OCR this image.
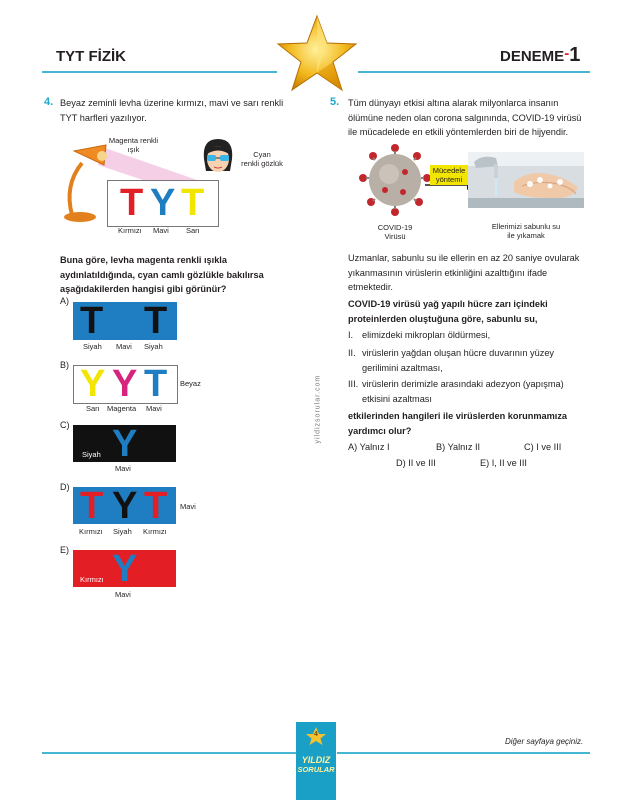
TYT FİZİK	DENEME-1
4. Beyaz zeminli levha üzerine kırmızı, mavi ve sarı renkli
TYT harfleri yazılıyor.
Magenta renkli
ışık
Cyan
renkli gözlük
T Y T
Kırmızı Mavi Sarı
Buna göre, levha magenta renkli ışıkla
aydınlatıldığında, cyan camlı gözlükle bakılırsa
aşağıdakilerden hangisi gibi görünür?
A) T T
Siyah Mavi Siyah
B) Y Y T
Sarı Magenta Mavi
Beyaz
C) Y
Siyah
Mavi
D) T Y T
Kırmızı Siyah Kırmızı
Mavi
E) Y
Kırmızı
Mavi
yildizsorular.com
5. Tüm dünyayı etkisi altına alarak milyonlarca insanın
ölümüne neden olan corona salgınında, COVID-19 virüsü
ile mücadelede en etkili yöntemlerden biri de hijyendir.
Mücedele
yöntemi
COVID-19
Virüsü
Ellerimizi sabunlu su
ile yıkamak
Uzmanlar, sabunlu su ile ellerin en az 20 saniye ovularak
yıkanmasının virüslerin etkinliğini azalttığını ifade
etmektedir.
COVID-19 virüsü yağ yapılı hücre zarı içindeki
proteinlerden oluştuğuna göre, sabunlu su,
I. elimizdeki mikropları öldürmesi,
II. virüslerin yağdan oluşan hücre duvarının yüzey
gerilimini azaltması,
III. virüslerin derimizle arasındaki adezyon (yapışma)
etkisini azaltması
etkilerinden hangileri ile virüslerden korunmamıza
yardımcı olur?
A) Yalnız I	B) Yalnız II	C) I ve III
D) II ve III	E) I, II ve III
Diğer sayfaya geçiniz.
4
YILDIZ
SORULAR
